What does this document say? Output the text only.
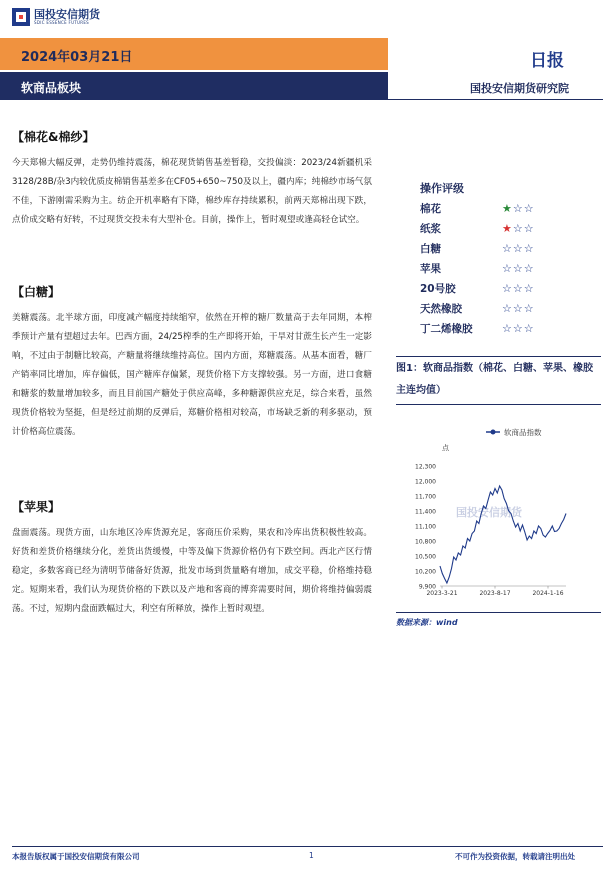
国投安信期货
SDIC ESSENCE FUTURES
2024年03月21日	日报
软商品板块	国投安信期货研究院
【棉花&棉纱】

今天郑棉大幅反弹，走势仍维持震荡，棉花现货销售基差暂稳，交投偏淡：2023/24新疆机采3128/28B/杂3内较优质皮棉销售基差多在CF05+650~750及以上，疆内库；纯棉纱市场气氛不佳，下游刚需采购为主。纺企开机率略有下降，棉纱库存持续累积，前两天郑棉出现下跌，点价成交略有好转，不过现货交投未有大型补仓。目前，操作上，暂时观望或逢高轻仓试空。

【白糖】

美糖震荡。北半球方面，印度减产幅度持续缩窄，依然在开榨的糖厂数量高于去年同期，本榨季预计产量有望超过去年。巴西方面，24/25榨季的生产即将开始，干旱对甘蔗生长产生一定影响，不过由于制糖比较高，产糖量将继续维持高位。国内方面，郑糖震荡。从基本面看，糖厂产销率同比增加，库存偏低，国产糖库存偏紧，现货价格下方支撑较强。另一方面，进口食糖和糖浆的数量增加较多，而且目前国产糖处于供应高峰，多种糖源供应充足，综合来看，虽然现货价格较为坚挺，但是经过前期的反弹后，郑糖价格相对较高，市场缺乏新的利多驱动，预计价格高位震荡。

【苹果】

盘面震荡。现货方面，山东地区冷库货源充足，客商压价采购，果农和冷库出货积极性较高。好货和差货价格继续分化，差货出货缓慢，中等及偏下货源价格仍有下跌空间。西北产区行情稳定，多数客商已经为清明节储备好货源，批发市场到货量略有增加，成交平稳，价格维持稳定。短期来看，我们认为现货价格的下跌以及产地和客商的博弈需要时间，期价将维持偏弱震荡。不过，短期内盘面跌幅过大，利空有所释放，操作上暂时观望。

操作评级
棉花	★☆☆
纸浆	★☆☆
白糖	☆☆☆
苹果	☆☆☆
20号胶	☆☆☆
天然橡胶	☆☆☆
丁二烯橡胶	☆☆☆
图1：软商品指数（棉花、白糖、苹果、橡胶主连均值）
国投安信期货
软商品指数
点
9,900
10,200
10,500
10,800
11,100
11,400
11,700
12,000
12,300
2023-3-21	2023-8-17	2024-1-16
数据来源：wind
本报告版权属于国投安信期货有限公司	1	不可作为投资依据，转载请注明出处
